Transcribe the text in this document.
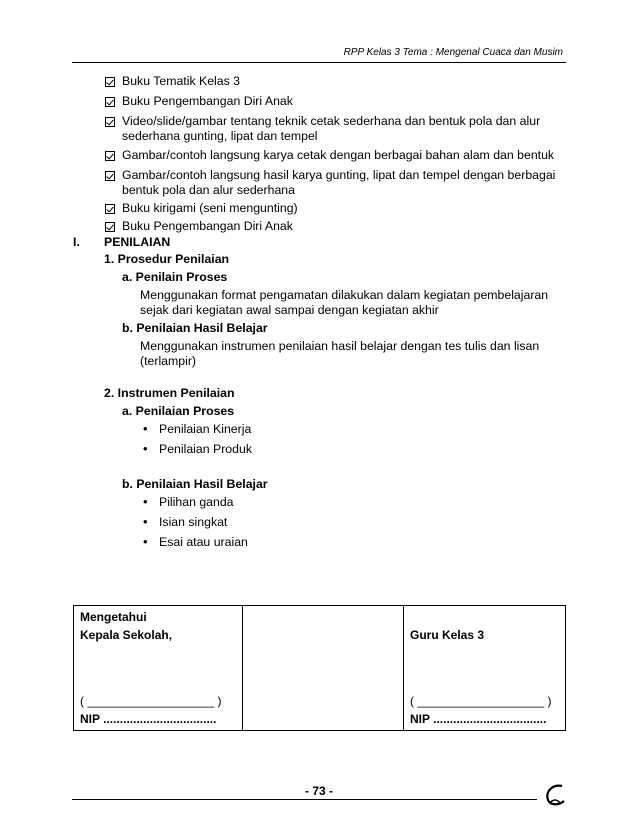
RPP Kelas 3 Tema : Mengenal Cuaca dan Musim
Buku Tematik Kelas 3
Buku Pengembangan Diri Anak
Video/slide/gambar tentang teknik cetak sederhana dan bentuk pola dan alur
sederhana gunting, lipat dan tempel
Gambar/contoh langsung karya cetak dengan berbagai bahan alam dan bentuk
Gambar/contoh langsung hasil karya gunting, lipat dan tempel dengan berbagai
bentuk pola dan alur sederhana
Buku kirigami (seni mengunting)
Buku Pengembangan Diri Anak
I. PENILAIAN
1. Prosedur Penilaian
a. Penilain Proses
Menggunakan format pengamatan dilakukan dalam kegiatan pembelajaran
sejak dari kegiatan awal sampai dengan kegiatan akhir
b. Penilaian Hasil Belajar
Menggunakan instrumen penilaian hasil belajar dengan tes tulis dan lisan
(terlampir)
2. Instrumen Penilaian
a. Penilaian Proses
• Penilaian Kinerja
• Penilaian Produk
b. Penilaian Hasil Belajar
• Pilihan ganda
• Isian singkat
• Esai atau uraian
Mengetahui
Kepala Sekolah,
( ___________________ )
NIP ..................................

Guru Kelas 3
( ___________________ )
NIP ..................................
- 73 -
